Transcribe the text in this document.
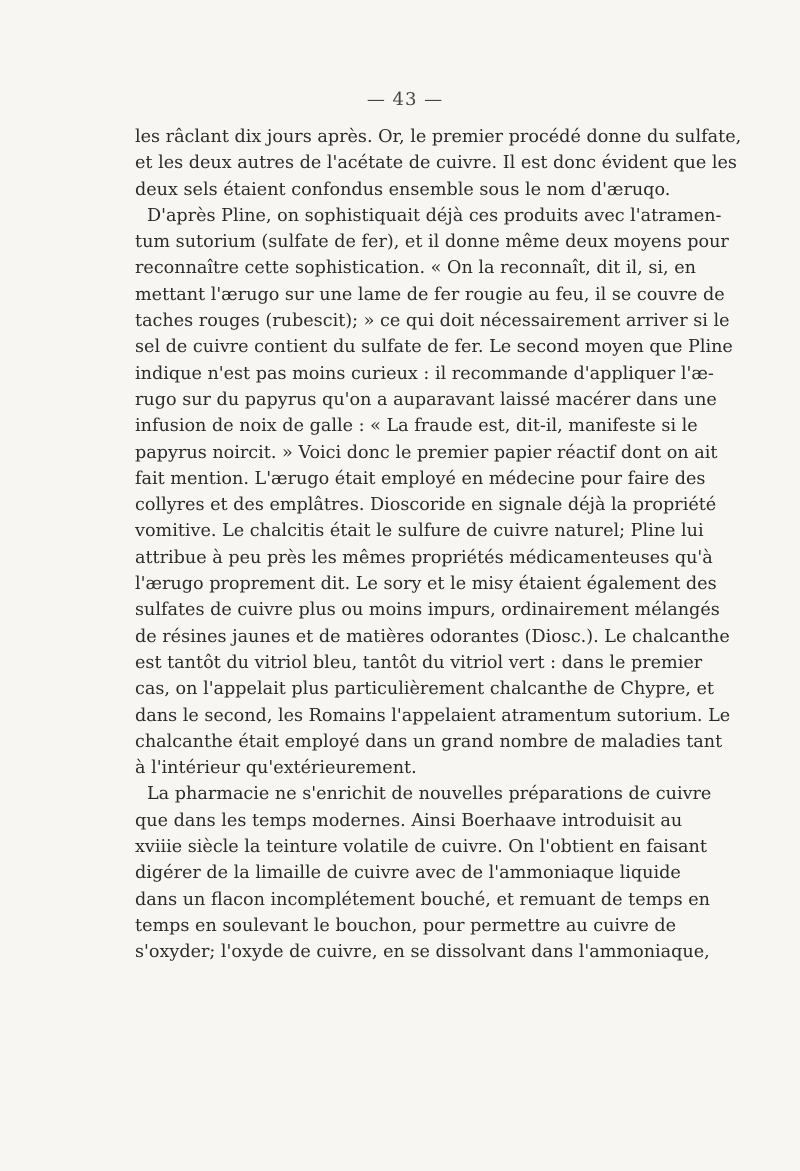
— 43 —
les râclant dix jours après. Or, le premier procédé donne du sulfate,
et les deux autres de l'acétate de cuivre. Il est donc évident que les
deux sels étaient confondus ensemble sous le nom d'æruqo.
D'après Pline, on sophistiquait déjà ces produits avec l'atramen-
tum sutorium (sulfate de fer), et il donne même deux moyens pour
reconnaître cette sophistication. « On la reconnaît, dit il, si, en
mettant l'ærugo sur une lame de fer rougie au feu, il se couvre de
taches rouges (rubescit); » ce qui doit nécessairement arriver si le
sel de cuivre contient du sulfate de fer. Le second moyen que Pline
indique n'est pas moins curieux : il recommande d'appliquer l'æ-
rugo sur du papyrus qu'on a auparavant laissé macérer dans une
infusion de noix de galle : « La fraude est, dit-il, manifeste si le
papyrus noircit. » Voici donc le premier papier réactif dont on ait
fait mention. L'ærugo était employé en médecine pour faire des
collyres et des emplâtres. Dioscoride en signale déjà la propriété
vomitive. Le chalcitis était le sulfure de cuivre naturel; Pline lui
attribue à peu près les mêmes propriétés médicamenteuses qu'à
l'ærugo proprement dit. Le sory et le misy étaient également des
sulfates de cuivre plus ou moins impurs, ordinairement mélangés
de résines jaunes et de matières odorantes (Diosc.). Le chalcanthe
est tantôt du vitriol bleu, tantôt du vitriol vert : dans le premier
cas, on l'appelait plus particulièrement chalcanthe de Chypre, et
dans le second, les Romains l'appelaient atramentum sutorium. Le
chalcanthe était employé dans un grand nombre de maladies tant
à l'intérieur qu'extérieurement.
La pharmacie ne s'enrichit de nouvelles préparations de cuivre
que dans les temps modernes. Ainsi Boerhaave introduisit au
xviiie siècle la teinture volatile de cuivre. On l'obtient en faisant
digérer de la limaille de cuivre avec de l'ammoniaque liquide
dans un flacon incomplétement bouché, et remuant de temps en
temps en soulevant le bouchon, pour permettre au cuivre de
s'oxyder; l'oxyde de cuivre, en se dissolvant dans l'ammoniaque,
